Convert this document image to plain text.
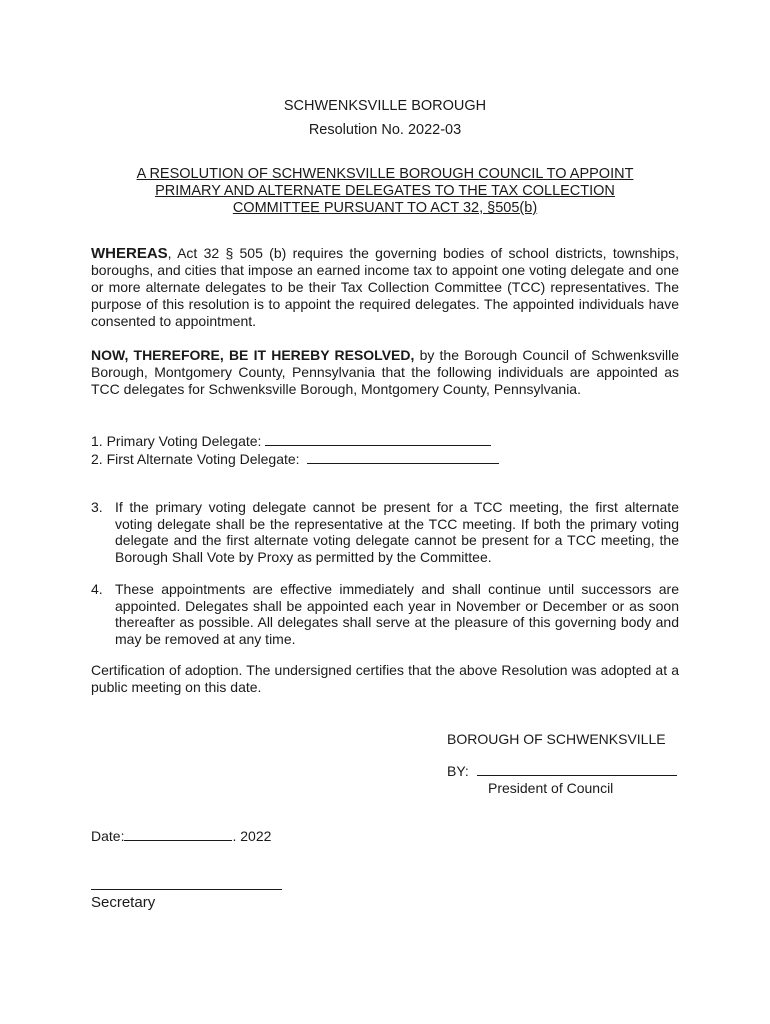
SCHWENKSVILLE BOROUGH
Resolution No. 2022-03
A RESOLUTION OF SCHWENKSVILLE BOROUGH COUNCIL TO APPOINT
PRIMARY AND ALTERNATE DELEGATES TO THE TAX COLLECTION
COMMITTEE PURSUANT TO ACT 32, §505(b)
WHEREAS, Act 32 § 505 (b) requires the governing bodies of school districts, townships, boroughs, and cities that impose an earned income tax to appoint one voting delegate and one or more alternate delegates to be their Tax Collection Committee (TCC) representatives. The purpose of this resolution is to appoint the required delegates. The appointed individuals have consented to appointment.
NOW, THEREFORE, BE IT HEREBY RESOLVED, by the Borough Council of Schwenksville Borough, Montgomery County, Pennsylvania that the following individuals are appointed as TCC delegates for Schwenksville Borough, Montgomery County, Pennsylvania.
1. Primary Voting Delegate:
2. First Alternate Voting Delegate:
3. If the primary voting delegate cannot be present for a TCC meeting, the first alternate voting delegate shall be the representative at the TCC meeting. If both the primary voting delegate and the first alternate voting delegate cannot be present for a TCC meeting, the Borough Shall Vote by Proxy as permitted by the Committee.
4. These appointments are effective immediately and shall continue until successors are appointed. Delegates shall be appointed each year in November or December or as soon thereafter as possible. All delegates shall serve at the pleasure of this governing body and may be removed at any time.
Certification of adoption. The undersigned certifies that the above Resolution was adopted at a public meeting on this date.
BOROUGH OF SCHWENKSVILLE
BY:
President of Council
Date:	. 2022
Secretary
